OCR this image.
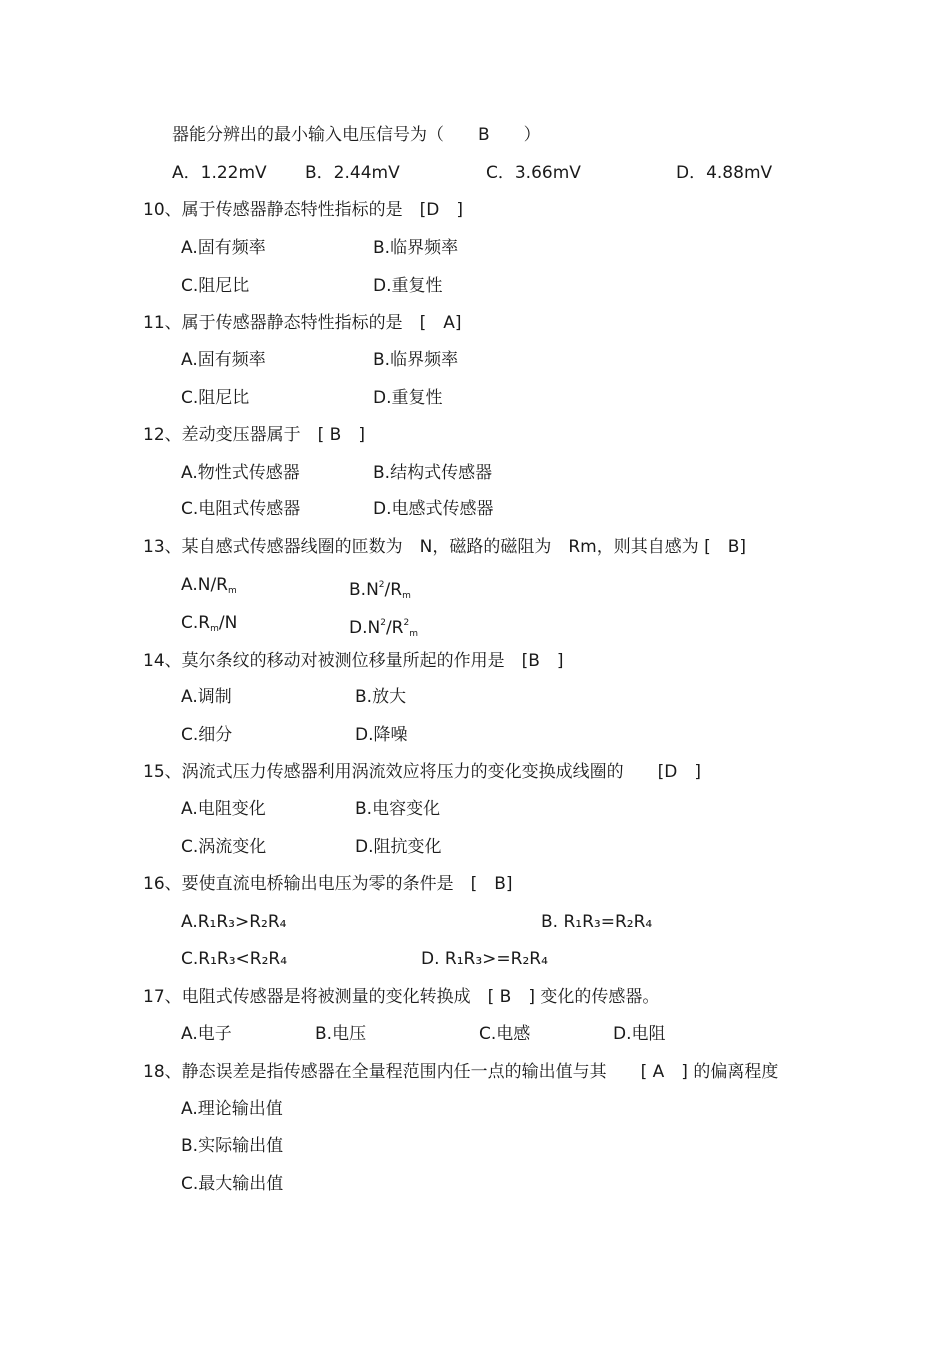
器能分辨出的最小输入电压信号为（　　B　　）
A．1.22mV B．2.44mV	C．3.66mV	D．4.88mV
10、属于传感器静态特性指标的是　[D　]
A.固有频率	B.临界频率
C.阻尼比	D.重复性
11、属于传感器静态特性指标的是　[　A]
A.固有频率	B.临界频率
C.阻尼比	D.重复性
12、差动变压器属于　[ B　]
A.物性式传感器	B.结构式传感器
C.电阻式传感器	D.电感式传感器
13、某自感式传感器线圈的匝数为　N，磁路的磁阻为　Rm，则其自感为 [　B]
$A.N/R_m$	$B.N^2/R_m$
$C.R_m/N$	$D.N^2/R^2_m$
14、莫尔条纹的移动对被测位移量所起的作用是　[B　]
A.调制	B.放大
C.细分	D.降噪
15、涡流式压力传感器利用涡流效应将压力的变化变换成线圈的　　[D　]
A.电阻变化	B.电容变化
C.涡流变化	D.阻抗变化
16、要使直流电桥输出电压为零的条件是　[　B]
A.R₁R₃>R₂R₄	B. R₁R₃=R₂R₄
C.R₁R₃<R₂R₄	D. R₁R₃>=R₂R₄
17、电阻式传感器是将被测量的变化转换成　[ B　] 变化的传感器。
A.电子	B.电压	C.电感	D.电阻
18、静态误差是指传感器在全量程范围内任一点的输出值与其　　[ A　] 的偏离程度
A.理论输出值
B.实际输出值
C.最大输出值
